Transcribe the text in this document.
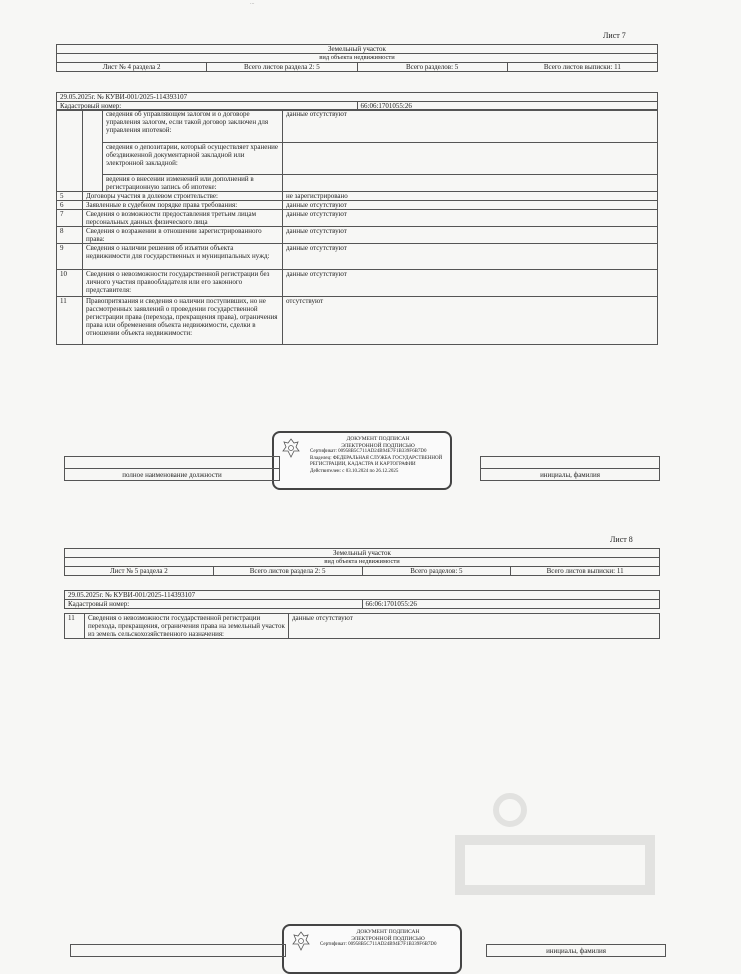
...
Лист 7
Земельный участок
вид объекта недвижимости
Лист № 4 раздела 2	Всего листов раздела 2: 5	Всего разделов: 5	Всего листов выписки: 11
29.05.2025г. № КУВИ-001/2025-114393107
Кадастровый номер:	66:06:1701055:26
		сведения об управляющем залогом и о договоре управления залогом, если такой договор заключен для управления ипотекой:	данные отсутствуют
		сведения о депозитарии, который осуществляет хранение обездвиженной документарной закладной или электронной закладной:	
		ведения о внесении изменений или дополнений в регистрационную запись об ипотеке:	
5	Договоры участия в долевом строительстве:		не зарегистрировано
6	Заявленные в судебном порядке права требования:		данные отсутствуют
7	Сведения о возможности предоставления третьим лицам персональных данных физического лица		данные отсутствуют
8	Сведения о возражении в отношении зарегистрированного права:		данные отсутствуют
9	Сведения о наличии решения об изъятии объекта недвижимости для государственных и муниципальных нужд:		данные отсутствуют
10	Сведения о невозможности государственной регистрации без личного участия правообладателя или его законного представителя:		данные отсутствуют
11	Правопритязания и сведения о наличии поступивших, но не рассмотренных заявлений о проведении государственной регистрации права (перехода, прекращения права), ограничения права или обременения объекта недвижимости, сделки в отношении объекта недвижимости:		отсутствуют
ДОКУМЕНТ ПОДПИСАН
ЭЛЕКТРОННОЙ ПОДПИСЬЮ
Сертификат: 00958B5C711AD24B94E7F1B339F6B7D0
Владелец: ФЕДЕРАЛЬНАЯ СЛУЖБА ГОСУДАРСТВЕННОЙ
РЕГИСТРАЦИИ, КАДАСТРА И КАРТОГРАФИИ
Действителен: с 03.10.2024 по 26.12.2025

полное наименование должности		инициалы, фамилия
Лист 8
Земельный участок
вид объекта недвижимости
Лист № 5 раздела 2	Всего листов раздела 2: 5	Всего разделов: 5	Всего листов выписки: 11
29.05.2025г. № КУВИ-001/2025-114393107
Кадастровый номер:	66:06:1701055:26
11	Сведения о невозможности государственной регистрации перехода, прекращения, ограничения права на земельный участок из земель сельскохозяйственного назначения:	данные отсутствуют
ДОКУМЕНТ ПОДПИСАН
ЭЛЕКТРОННОЙ ПОДПИСЬЮ
Сертификат: 00958B5C711AD24B94E7F1B339F6B7D0
		инициалы, фамилия
